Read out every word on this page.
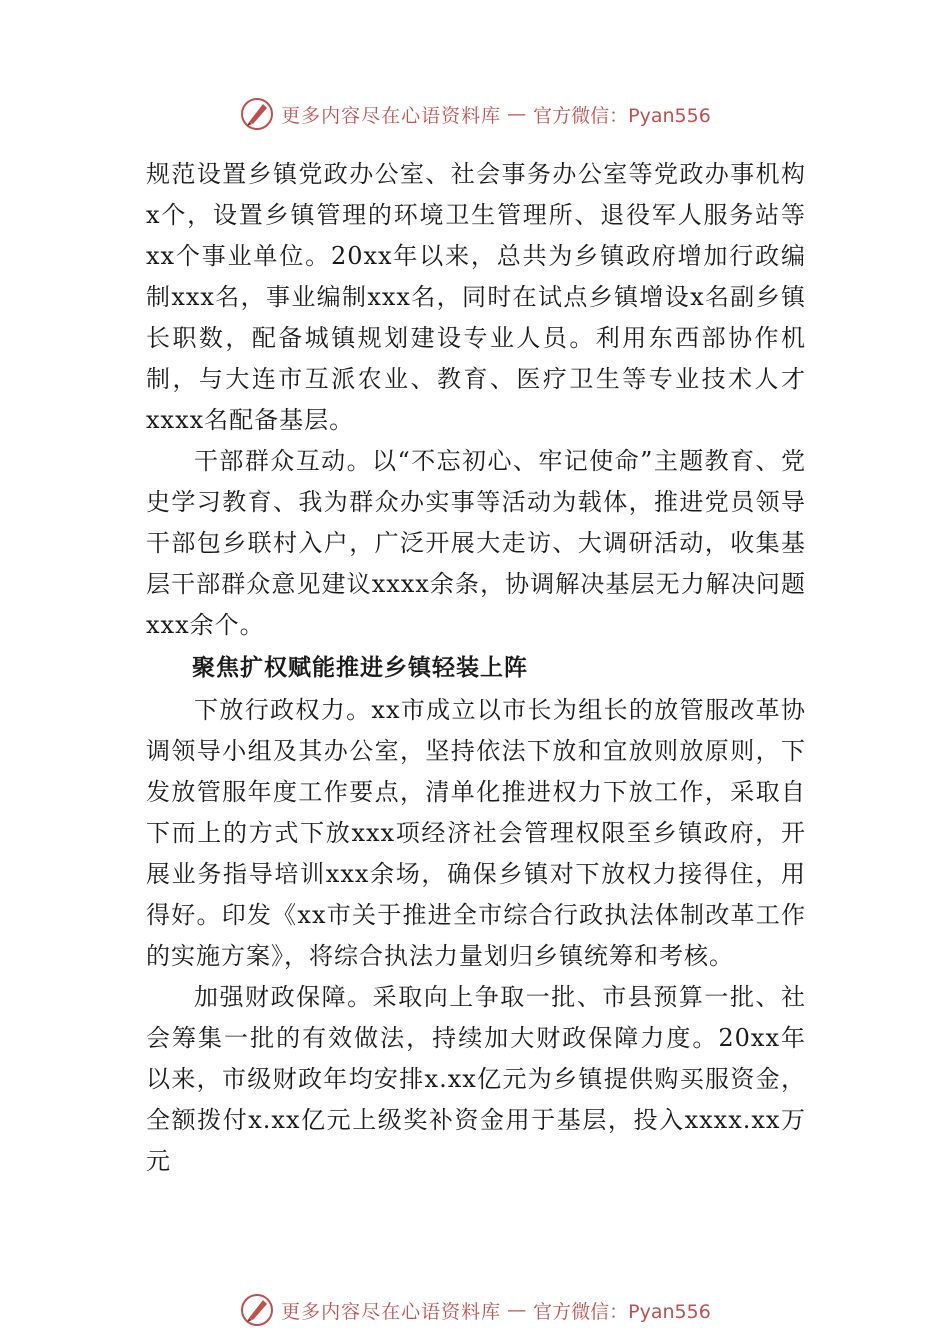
更多内容尽在心语资料库 — 官方微信：Pyan556

规范设置乡镇党政办公室、社会事务办公室等党政办事机构x个，设置乡镇管理的环境卫生管理所、退役军人服务站等xx个事业单位。20xx年以来，总共为乡镇政府增加行政编制xxx名，事业编制xxx名，同时在试点乡镇增设x名副乡镇长职数，配备城镇规划建设专业人员。利用东西部协作机制，与大连市互派农业、教育、医疗卫生等专业技术人才xxxx名配备基层。

干部群众互动。以“不忘初心、牢记使命”主题教育、党史学习教育、我为群众办实事等活动为载体，推进党员领导干部包乡联村入户，广泛开展大走访、大调研活动，收集基层干部群众意见建议xxxx余条，协调解决基层无力解决问题xxx余个。

聚焦扩权赋能推进乡镇轻装上阵

下放行政权力。xx市成立以市长为组长的放管服改革协调领导小组及其办公室，坚持依法下放和宜放则放原则，下发放管服年度工作要点，清单化推进权力下放工作，采取自下而上的方式下放xxx项经济社会管理权限至乡镇政府，开展业务指导培训xxx余场，确保乡镇对下放权力接得住，用得好。印发《xx市关于推进全市综合行政执法体制改革工作的实施方案》，将综合执法力量划归乡镇统筹和考核。

加强财政保障。采取向上争取一批、市县预算一批、社会筹集一批的有效做法，持续加大财政保障力度。20xx年以来，市级财政年均安排x.xx亿元为乡镇提供购买服资金，全额拨付x.xx亿元上级奖补资金用于基层，投入xxxx.xx万元

更多内容尽在心语资料库 — 官方微信：Pyan556
